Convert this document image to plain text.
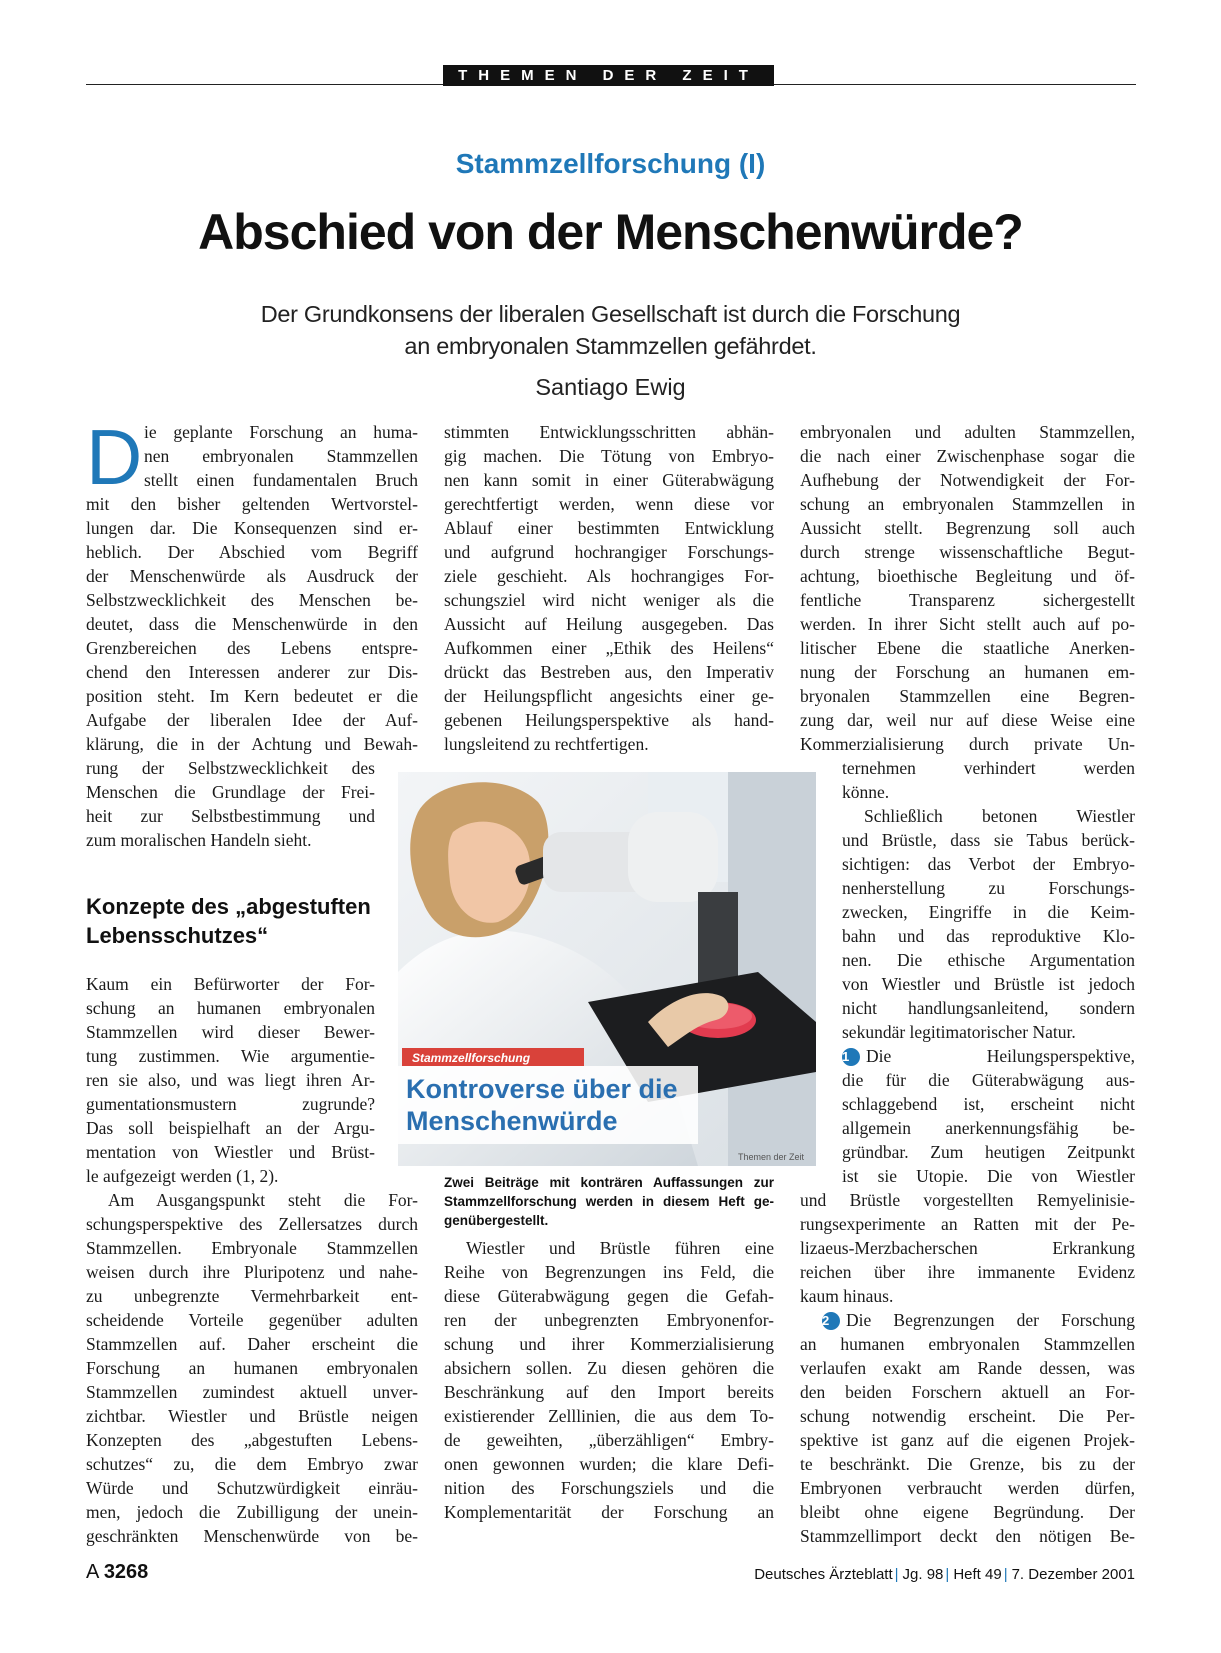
THEMEN DER ZEIT
Stammzellforschung (I)
Abschied von der Menschenwürde?
Der Grundkonsens der liberalen Gesellschaft ist durch die Forschung
an embryonalen Stammzellen gefährdet.
Santiago Ewig
D ie geplante Forschung an huma-

nen embryonalen Stammzellen

stellt einen fundamentalen Bruch

mit den bisher geltenden Wertvorstel-

lungen dar. Die Konsequenzen sind er-

heblich. Der Abschied vom Begriff

der Menschenwürde als Ausdruck der

Selbstzwecklichkeit des Menschen be-

deutet, dass die Menschenwürde in den

Grenzbereichen des Lebens entspre-

chend den Interessen anderer zur Dis-

position steht. Im Kern bedeutet er die

Aufgabe der liberalen Idee der Auf-

klärung, die in der Achtung und Bewah-

rung der Selbstzwecklichkeit des

Menschen die Grundlage der Frei-

heit zur Selbstbestimmung und

zum moralischen Handeln sieht.

Konzepte des „abgestuften
Lebensschutzes“

Kaum ein Befürworter der For-

schung an humanen embryonalen

Stammzellen wird dieser Bewer-

tung zustimmen. Wie argumentie-

ren sie also, und was liegt ihren Ar-

gumentationsmustern zugrunde?

Das soll beispielhaft an der Argu-

mentation von Wiestler und Brüst-

le aufgezeigt werden (1, 2).

Am Ausgangspunkt steht die For-

schungsperspektive des Zellersatzes durch

Stammzellen. Embryonale Stammzellen

weisen durch ihre Pluripotenz und nahe-

zu unbegrenzte Vermehrbarkeit ent-

scheidende Vorteile gegenüber adulten

Stammzellen auf. Daher erscheint die

Forschung an humanen embryonalen

Stammzellen zumindest aktuell unver-

zichtbar. Wiestler und Brüstle neigen

Konzepten des „abgestuften Lebens-

schutzes“ zu, die dem Embryo zwar

Würde und Schutzwürdigkeit einräu-

men, jedoch die Zubilligung der unein-

geschränkten Menschenwürde von be-

stimmten Entwicklungsschritten abhän-

gig machen. Die Tötung von Embryo-

nen kann somit in einer Güterabwägung

gerechtfertigt werden, wenn diese vor

Ablauf einer bestimmten Entwicklung

und aufgrund hochrangiger Forschungs-

ziele geschieht. Als hochrangiges For-

schungsziel wird nicht weniger als die

Aussicht auf Heilung ausgegeben. Das

Aufkommen einer „Ethik des Heilens“

drückt das Bestreben aus, den Imperativ

der Heilungspflicht angesichts einer ge-

gebenen Heilungsperspektive als hand-

lungsleitend zu rechtfertigen.

Stammzellforschung
Kontroverse über die
Menschenwürde
Themen der Zeit
Zwei Beiträge mit konträren Auffassungen zur
Stammzellforschung werden in diesem Heft ge-
genübergestellt.

Wiestler und Brüstle führen eine

Reihe von Begrenzungen ins Feld, die

diese Güterabwägung gegen die Gefah-

ren der unbegrenzten Embryonenfor-

schung und ihrer Kommerzialisierung

absichern sollen. Zu diesen gehören die

Beschränkung auf den Import bereits

existierender Zelllinien, die aus dem To-

de geweihten, „überzähligen“ Embry-

onen gewonnen wurden; die klare Defi-

nition des Forschungsziels und die

Komplementarität der Forschung an

embryonalen und adulten Stammzellen,

die nach einer Zwischenphase sogar die

Aufhebung der Notwendigkeit der For-

schung an embryonalen Stammzellen in

Aussicht stellt. Begrenzung soll auch

durch strenge wissenschaftliche Begut-

achtung, bioethische Begleitung und öf-

fentliche Transparenz sichergestellt

werden. In ihrer Sicht stellt auch auf po-

litischer Ebene die staatliche Anerken-

nung der Forschung an humanen em-

bryonalen Stammzellen eine Begren-

zung dar, weil nur auf diese Weise eine

Kommerzialisierung durch private Un-

ternehmen verhindert werden

könne.

Schließlich betonen Wiestler

und Brüstle, dass sie Tabus berück-

sichtigen: das Verbot der Embryo-

nenherstellung zu Forschungs-

zwecken, Eingriffe in die Keim-

bahn und das reproduktive Klo-

nen. Die ethische Argumentation

von Wiestler und Brüstle ist jedoch

nicht handlungsanleitend, sondern

sekundär legitimatorischer Natur.

1 Die Heilungsperspektive,

die für die Güterabwägung aus-

schlaggebend ist, erscheint nicht

allgemein anerkennungsfähig be-

gründbar. Zum heutigen Zeitpunkt

ist sie Utopie. Die von Wiestler

und Brüstle vorgestellten Remyelinisie-

rungsexperimente an Ratten mit der Pe-

lizaeus-Merzbacherschen Erkrankung

reichen über ihre immanente Evidenz

kaum hinaus.

2 Die Begrenzungen der Forschung

an humanen embryonalen Stammzellen

verlaufen exakt am Rande dessen, was

den beiden Forschern aktuell an For-

schung notwendig erscheint. Die Per-

spektive ist ganz auf die eigenen Projek-

te beschränkt. Die Grenze, bis zu der

Embryonen verbraucht werden dürfen,

bleibt ohne eigene Begründung. Der

Stammzellimport deckt den nötigen Be-

A 3268	Deutsches Ärzteblatt | Jg. 98 | Heft 49 | 7. Dezember 2001
